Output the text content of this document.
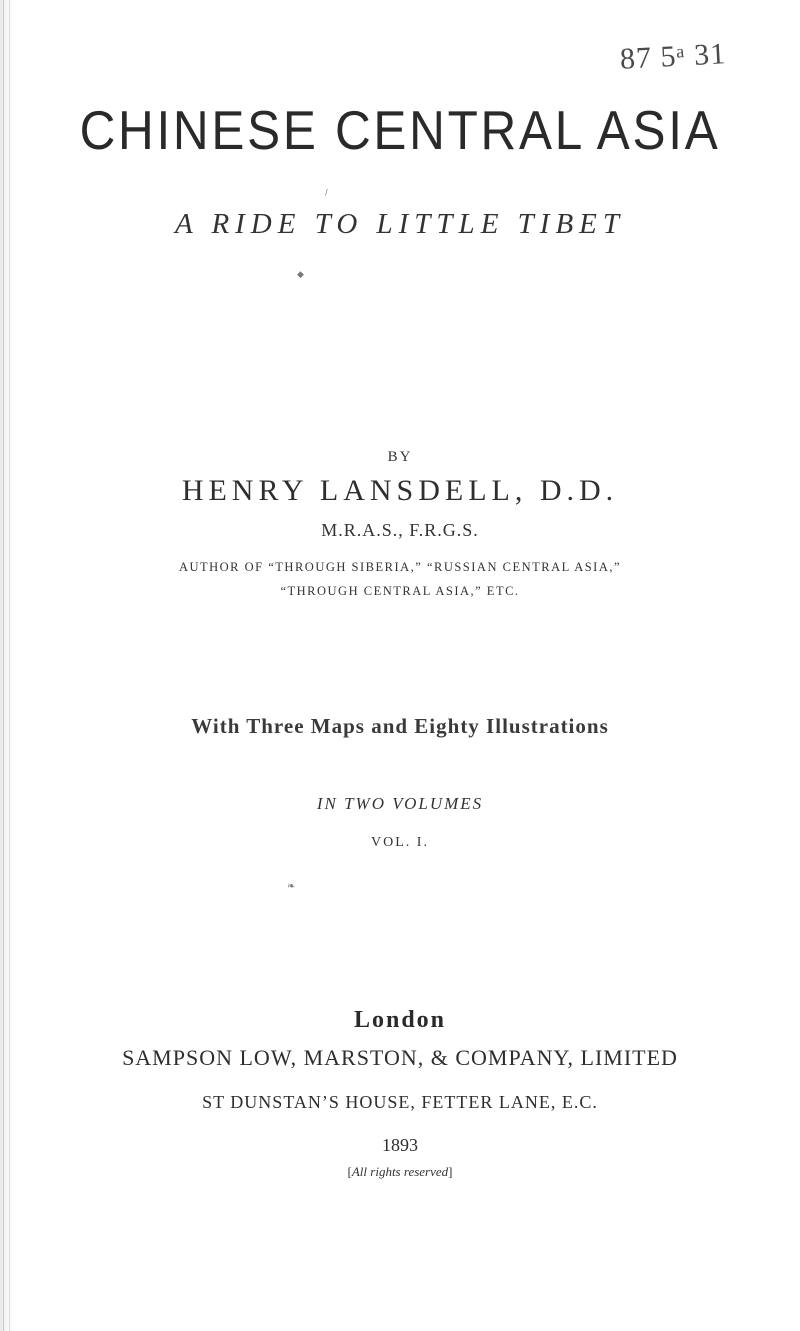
87 5ᵃ 31
CHINESE CENTRAL ASIA
A RIDE TO LITTLE TIBET
◆
/
BY
HENRY LANSDELL, D.D.
M.R.A.S., F.R.G.S.
AUTHOR OF “THROUGH SIBERIA,” “RUSSIAN CENTRAL ASIA,”
“THROUGH CENTRAL ASIA,” ETC.
With Three Maps and Eighty Illustrations
IN TWO VOLUMES
VOL. I.
❧
London
SAMPSON LOW, MARSTON, & COMPANY, LIMITED
ST DUNSTAN’S HOUSE, FETTER LANE, E.C.
1893
[All rights reserved]
